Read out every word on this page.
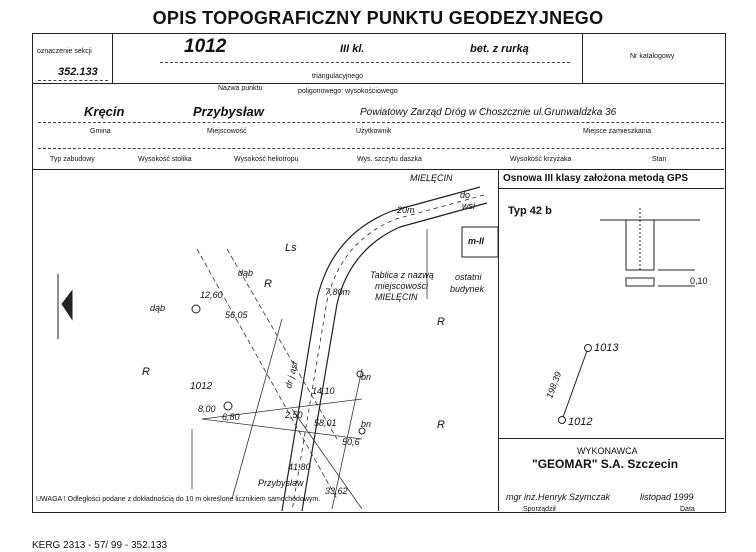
OPIS TOPOGRAFICZNY PUNKTU GEODEZYJNEGO
oznaczenie sekcji
352.133
1012	III kl.	bet. z rurką
Nr katalogowy
Nazwa punktu
triangulacyjnego
poligonowego: wysokościowego
Kręcin	Przybysław	Powiatowy Zarząd Dróg w Choszcznie ul.Grunwaldzka 36
Gmina	Miejscowość	Użytkownik	Miejsce zamieszkania
Typ zabudowy	Wysokość stolika	Wysokość heliotropu	Wys. szczytu daszka	Wysokość krzyżaka	Stan
MIELĘCIN
do
wsi
20m
m-II
Tablica z nazwą
miejscowości
MIELĘCIN
ostatni
budynek
Ls
7,80m
dąb
dąb
R
R
R
R
dr j asf
1012	14,10
bn
bn
2,50
58,01
50,6
41,80
Przybysław
33,62
8,00
6,80
12,60
56,05
UWAGA ! Odległości podane z dokładnością do 10 m określone licznikiem samochodowym.
Osnowa III klasy założona metodą GPS
Typ 42 b
0,10
1013
1012
198,39
WYKONAWCA
"GEOMAR" S.A. Szczecin
mgr inż.Henryk Szymczak	listopad 1999
Sporządził	Data
KERG 2313 - 57/ 99 - 352.133
